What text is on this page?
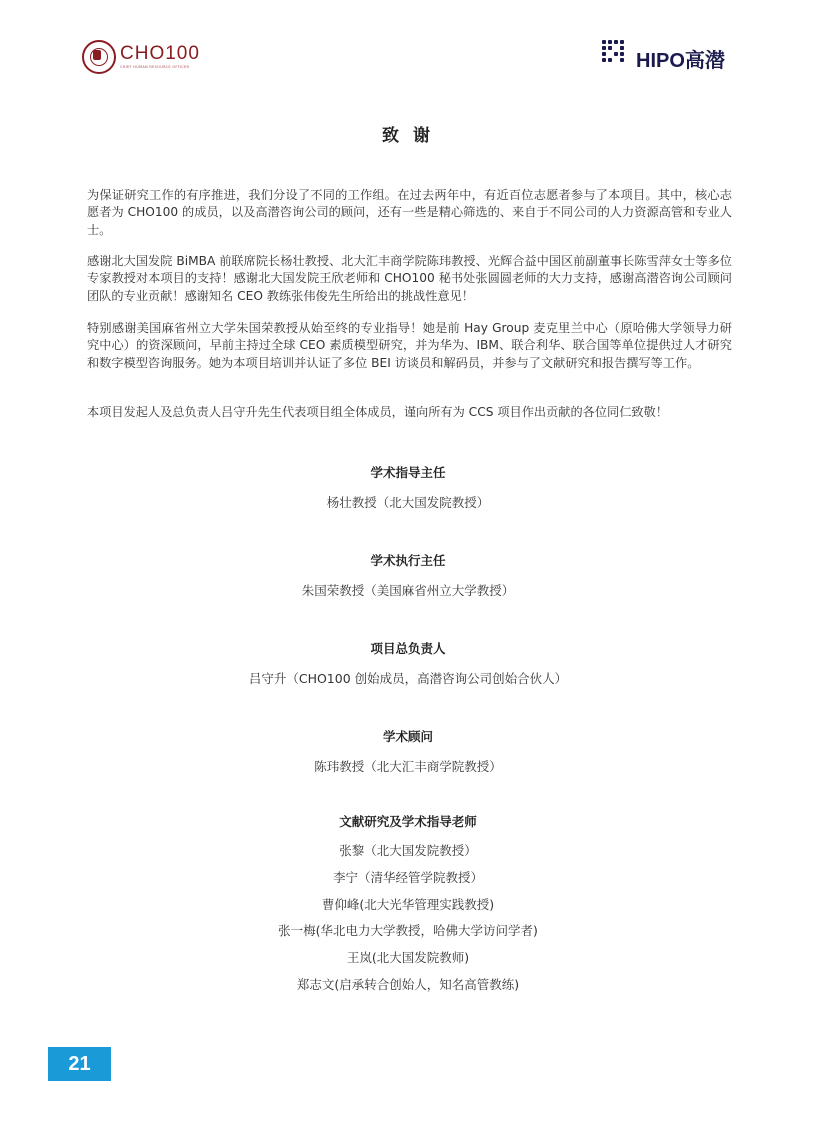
CHO100
CHIEF HUMAN RESOURCE OFFICER	HIPO高潜
致 谢

为保证研究工作的有序推进，我们分设了不同的工作组。在过去两年中，有近百位志愿者参与了本项目。其中，核心志愿者为 CHO100 的成员，以及高潜咨询公司的顾问，还有一些是精心筛选的、来自于不同公司的人力资源高管和专业人士。

感谢北大国发院 BiMBA 前联席院长杨壮教授、北大汇丰商学院陈玮教授、光辉合益中国区前副董事长陈雪萍女士等多位专家教授对本项目的支持！感谢北大国发院王欣老师和 CHO100 秘书处张圆圆老师的大力支持，感谢高潜咨询公司顾问团队的专业贡献！感谢知名 CEO 教练张伟俊先生所给出的挑战性意见！

特别感谢美国麻省州立大学朱国荣教授从始至终的专业指导！她是前 Hay Group 麦克里兰中心（原哈佛大学领导力研究中心）的资深顾问，早前主持过全球 CEO 素质模型研究，并为华为、IBM、联合利华、联合国等单位提供过人才研究和数字模型咨询服务。她为本项目培训并认证了多位 BEI 访谈员和解码员，并参与了文献研究和报告撰写等工作。

本项目发起人及总负责人吕守升先生代表项目组全体成员，谨向所有为 CCS 项目作出贡献的各位同仁致敬！

学术指导主任
杨壮教授（北大国发院教授）
学术执行主任
朱国荣教授（美国麻省州立大学教授）
项目总负责人
吕守升（CHO100 创始成员，高潜咨询公司创始合伙人）
学术顾问
陈玮教授（北大汇丰商学院教授）
文献研究及学术指导老师
张黎（北大国发院教授）
李宁（清华经管学院教授）
曹仰峰(北大光华管理实践教授)
张一梅(华北电力大学教授，哈佛大学访问学者)
王岚(北大国发院教师)
郑志文(启承转合创始人，知名高管教练)
21
